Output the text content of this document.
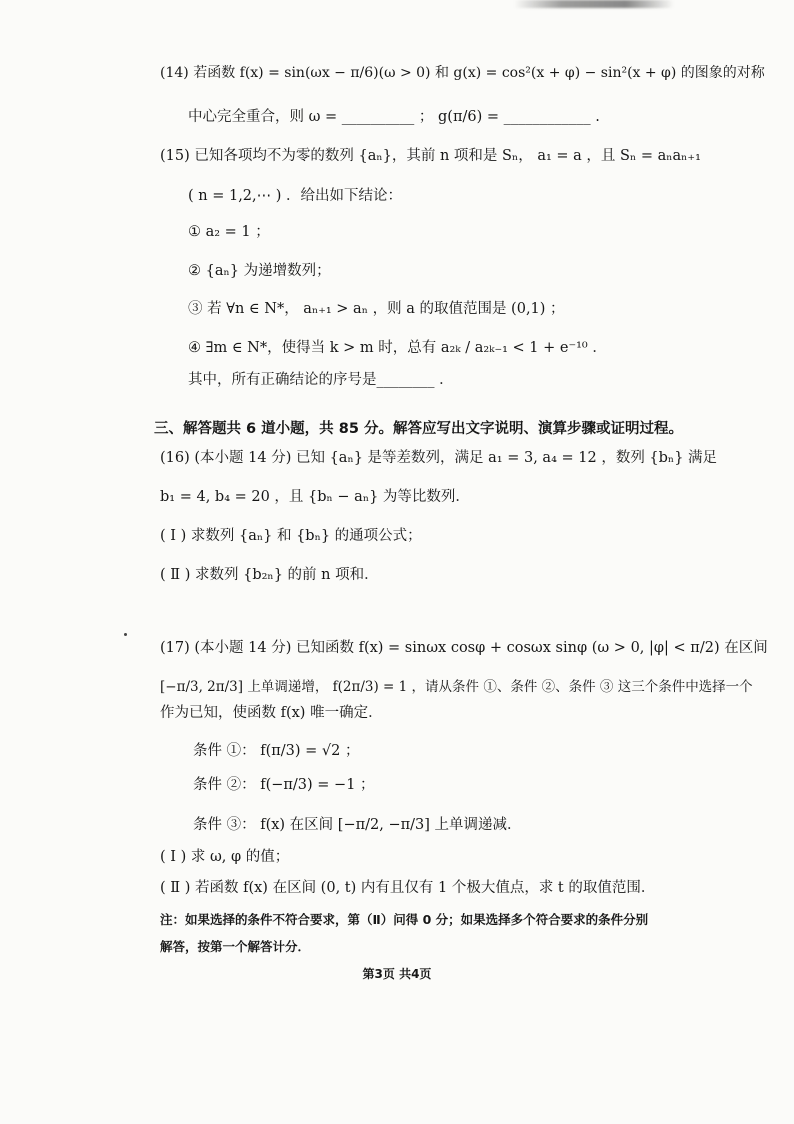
(14) 若函数 f(x) = sin(ωx − π/6)(ω > 0) 和 g(x) = cos²(x + φ) − sin²(x + φ) 的图象的对称
中心完全重合，则 ω = __________ ； g(π/6) = ____________ .
(15) 已知各项均不为零的数列 {aₙ}，其前 n 项和是 Sₙ， a₁ = a ，且 Sₙ = aₙaₙ₊₁
( n = 1,2,⋯ ) ．给出如下结论：
① a₂ = 1 ；
② {aₙ} 为递增数列；
③ 若 ∀n ∈ N*， aₙ₊₁ > aₙ ，则 a 的取值范围是 (0,1) ；
④ ∃m ∈ N*，使得当 k > m 时，总有 a₂ₖ / a₂ₖ₋₁ < 1 + e⁻¹⁰ ．
其中，所有正确结论的序号是________ ．
三、解答题共 6 道小题，共 85 分。解答应写出文字说明、演算步骤或证明过程。
(16) (本小题 14 分) 已知 {aₙ} 是等差数列，满足 a₁ = 3, a₄ = 12 ，数列 {bₙ} 满足
b₁ = 4, b₄ = 20 ，且 {bₙ − aₙ} 为等比数列．
( Ⅰ ) 求数列 {aₙ} 和 {bₙ} 的通项公式；
( Ⅱ ) 求数列 {b₂ₙ} 的前 n 项和．
(17) (本小题 14 分) 已知函数 f(x) = sinωx cosφ + cosωx sinφ (ω > 0, |φ| < π/2) 在区间
[−π/3, 2π/3] 上单调递增， f(2π/3) = 1 ，请从条件 ①、条件 ②、条件 ③ 这三个条件中选择一个
作为已知，使函数 f(x) 唯一确定．
条件 ①： f(π/3) = √2 ；
条件 ②： f(−π/3) = −1 ；
条件 ③： f(x) 在区间 [−π/2, −π/3] 上单调递减．
( Ⅰ ) 求 ω, φ 的值；
( Ⅱ ) 若函数 f(x) 在区间 (0, t) 内有且仅有 1 个极大值点，求 t 的取值范围．
注：如果选择的条件不符合要求，第（Ⅱ）问得 0 分；如果选择多个符合要求的条件分别
解答，按第一个解答计分．
第3页 共4页
